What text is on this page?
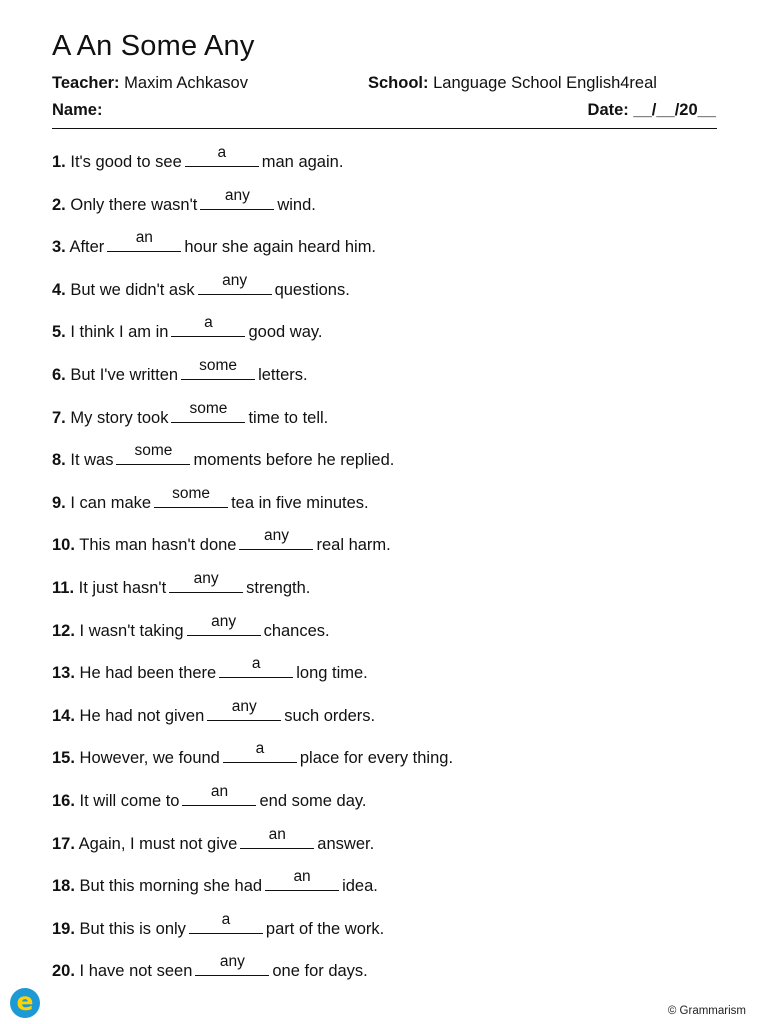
A An Some Any
Teacher: Maxim Achkasov	School: Language School English4real
Name:	Date: __/__/20__
1. It's good to see
a
man again.
2. Only there wasn't
any
wind.
3. After
an
hour she again heard him.
4. But we didn't ask
any
questions.
5. I think I am in
a
good way.
6. But I've written
some
letters.
7. My story took
some
time to tell.
8. It was
some
moments before he replied.
9. I can make
some
tea in five minutes.
10. This man hasn't done
any
real harm.
11. It just hasn't
any
strength.
12. I wasn't taking
any
chances.
13. He had been there
a
long time.
14. He had not given
any
such orders.
15. However, we found
a
place for every thing.
16. It will come to
an
end some day.
17. Again, I must not give
an
answer.
18. But this morning she had
an
idea.
19. But this is only
a
part of the work.
20. I have not seen
any
one for days.
e	© Grammarism
